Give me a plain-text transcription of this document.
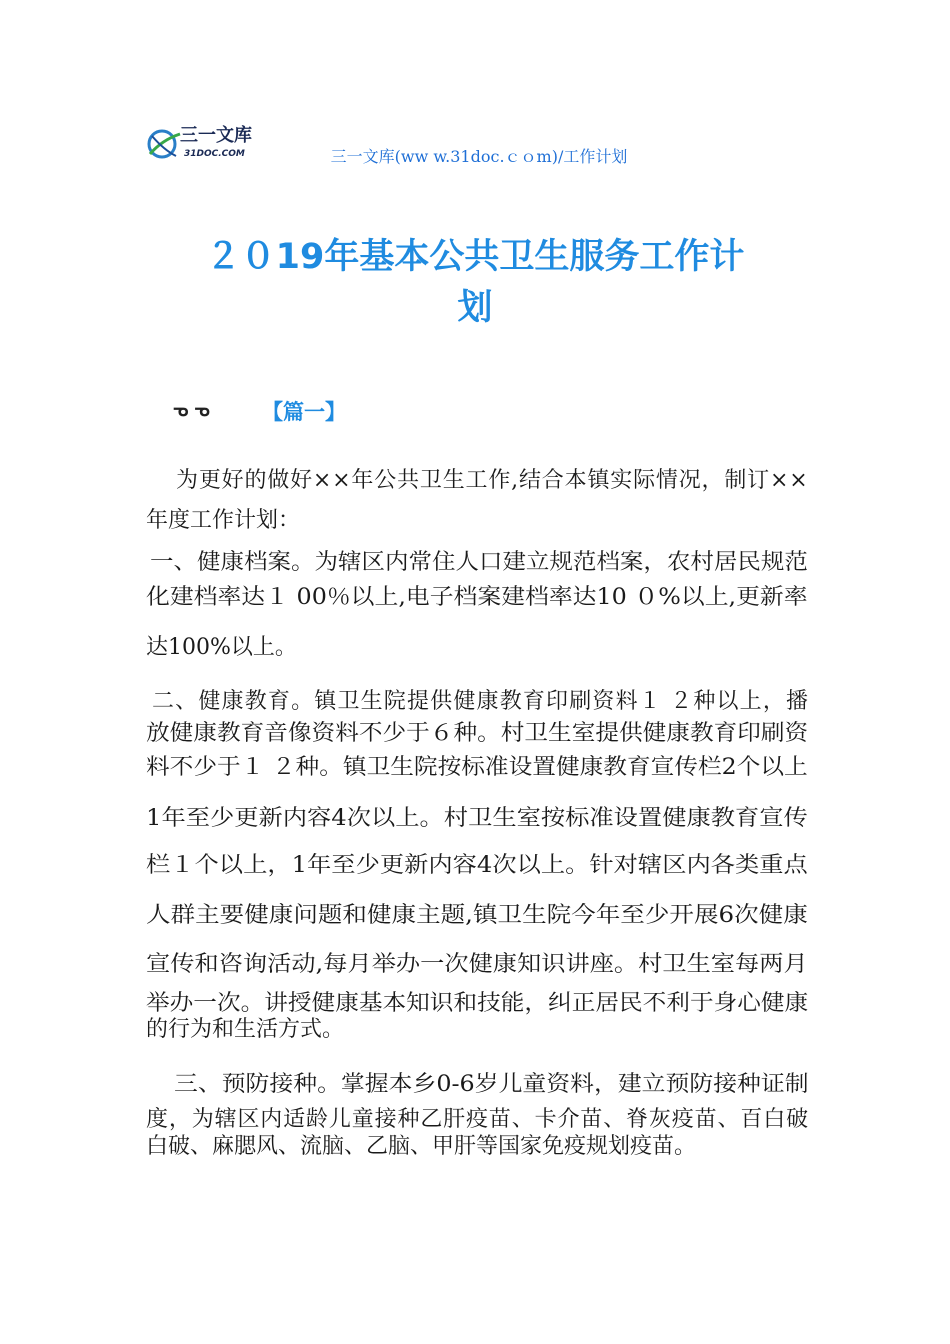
三一文库
31DOC.COM	三一文库(ww w.31doc.ｃｏm)/工作计划
２０19年基本公共卫生服务工作计
划
ᓀᓀ 【篇一】
为更好的做好××年公共卫生工作,结合本镇实际情况，制订××
年度工作计划：
一、健康档案。为辖区内常住人口建立规范档案，农村居民规范
化建档率达１ 00％以上,电子档案建档率达10 ０%以上,更新率
达100%以上。
二、健康教育。镇卫生院提供健康教育印刷资料１ ２种以上，播
放健康教育音像资料不少于６种。村卫生室提供健康教育印刷资
料不少于１ ２种。镇卫生院按标准设置健康教育宣传栏2个以上
1年至少更新内容4次以上。村卫生室按标准设置健康教育宣传
栏１个以上，1年至少更新内容4次以上。针对辖区内各类重点
人群主要健康问题和健康主题,镇卫生院今年至少开展6次健康
宣传和咨询活动,每月举办一次健康知识讲座。村卫生室每两月
举办一次。讲授健康基本知识和技能，纠正居民不利于身心健康
的行为和生活方式。
三、预防接种。掌握本乡0-6岁儿童资料，建立预防接种证制
度，为辖区内适龄儿童接种乙肝疫苗、卡介苗、脊灰疫苗、百白破
白破、麻腮风、流脑、乙脑、甲肝等国家免疫规划疫苗。
